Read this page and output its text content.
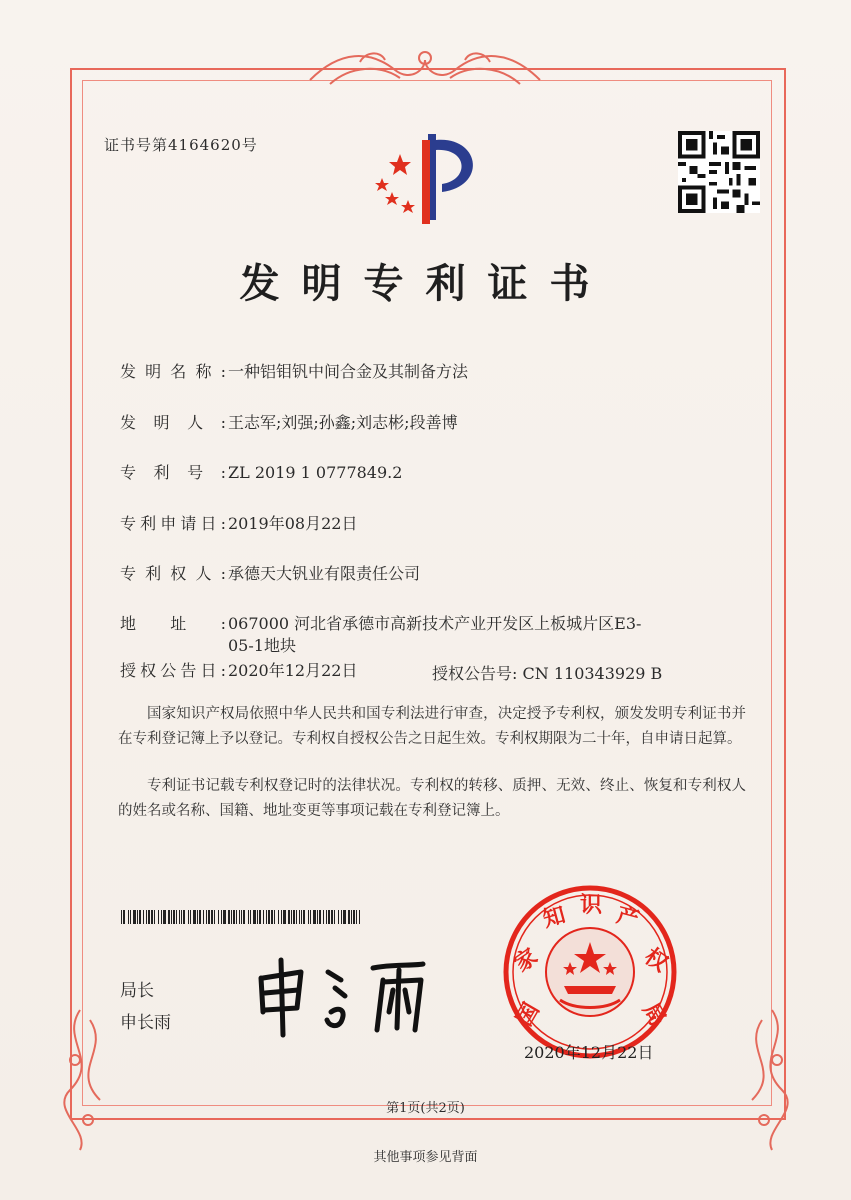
证书号第4164620号
发明专利证书
发明名称: 一种铝钼钒中间合金及其制备方法
发明人: 王志军;刘强;孙鑫;刘志彬;段善博
专利号: ZL 2019 1 0777849.2
专利申请日: 2019年08月22日
专利权人: 承德天大钒业有限责任公司
地址: 067000 河北省承德市高新技术产业开发区上板城片区E3-
05-1地块
授权公告日: 2020年12月22日	授权公告号: CN 110343929 B
国家知识产权局依照中华人民共和国专利法进行审查，决定授予专利权，颁发发明专利证书并在专利登记簿上予以登记。专利权自授权公告之日起生效。专利权期限为二十年，自申请日起算。
专利证书记载专利权登记时的法律状况。专利权的转移、质押、无效、终止、恢复和专利权人的姓名或名称、国籍、地址变更等事项记载在专利登记簿上。
局长
申长雨	国
家
知 识 产
权
局
2020年12月22日
第1页(共2页)
其他事项参见背面
